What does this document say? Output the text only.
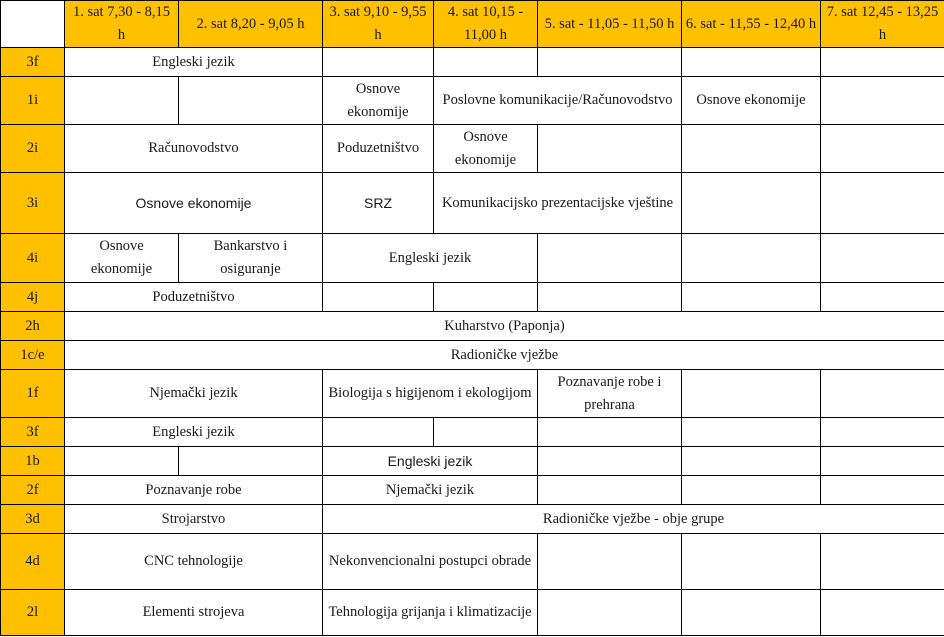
	1. sat 7,30 - 8,15 h	2. sat 8,20 - 9,05 h	3. sat 9,10 - 9,55 h	4. sat 10,15 - 11,00 h	5. sat - 11,05 - 11,50 h	6. sat - 11,55 - 12,40 h	7. sat 12,45 - 13,25 h
3f	Engleski jezik						
1i			Osnove ekonomije	Poslovne komunikacije/Računovodstvo		Osnove ekonomije	
2i	Računovodstvo		Poduzetništvo	Osnove ekonomije			
3i	Osnove ekonomije		SRZ	Komunikacijsko prezentacijske vještine			
4i	Osnove ekonomije	Bankarstvo i osiguranje	Engleski jezik				
4j	Poduzetništvo						
2h	Kuharstvo (Paponja)						
1c/e	Radioničke vježbe						
1f	Njemački jezik		Biologija s higijenom i ekologijom		Poznavanje robe i prehrana		
3f	Engleski jezik						
1b			Engleski jezik				
2f	Poznavanje robe		Njemački jezik				
3d	Strojarstvo		Radioničke vježbe - obje grupe				
4d	CNC tehnologije		Nekonvencionalni postupci obrade				
2l	Elementi strojeva		Tehnologija grijanja i klimatizacije				
